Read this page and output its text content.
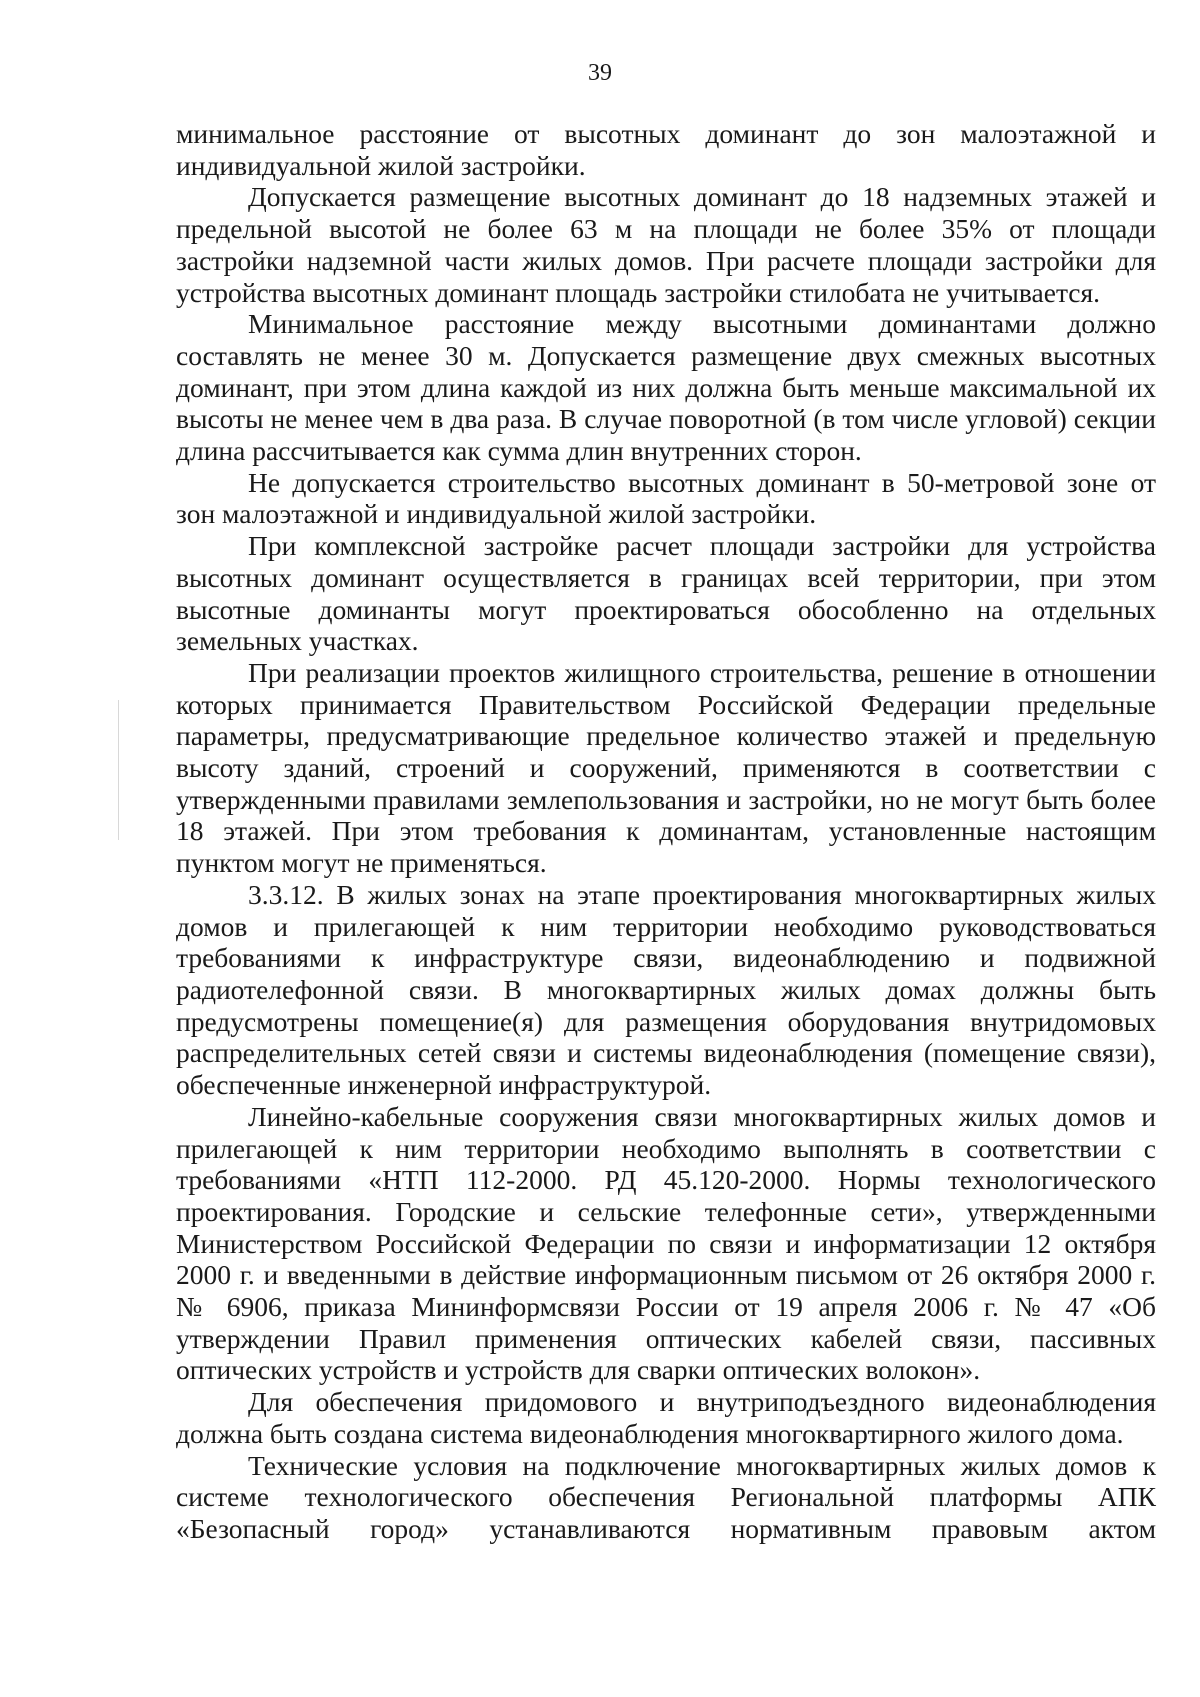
39

минимальное расстояние от высотных доминант до зон малоэтажной и индивидуальной жилой застройки.

Допускается размещение высотных доминант до 18 надземных этажей и предельной высотой не более 63 м на площади не более 35% от площади застройки надземной части жилых домов. При расчете площади застройки для устройства высотных доминант площадь застройки стилобата не учитывается.

Минимальное расстояние между высотными доминантами должно составлять не менее 30 м. Допускается размещение двух смежных высотных доминант, при этом длина каждой из них должна быть меньше максимальной их высоты не менее чем в два раза. В случае поворотной (в том числе угловой) секции длина рассчитывается как сумма длин внутренних сторон.

Не допускается строительство высотных доминант в 50-метровой зоне от зон малоэтажной и индивидуальной жилой застройки.

При комплексной застройке расчет площади застройки для устройства высотных доминант осуществляется в границах всей территории, при этом высотные доминанты могут проектироваться обособленно на отдельных земельных участках.

При реализации проектов жилищного строительства, решение в отношении которых принимается Правительством Российской Федерации предельные параметры, предусматривающие предельное количество этажей и предельную высоту зданий, строений и сооружений, применяются в соответствии с утвержденными правилами землепользования и застройки, но не могут быть более 18 этажей. При этом требования к доминантам, установленные настоящим пунктом могут не применяться.

3.3.12. В жилых зонах на этапе проектирования многоквартирных жилых домов и прилегающей к ним территории необходимо руководствоваться требованиями к инфраструктуре связи, видеонаблюдению и подвижной радиотелефонной связи. В многоквартирных жилых домах должны быть предусмотрены помещение(я) для размещения оборудования внутридомовых распределительных сетей связи и системы видеонаблюдения (помещение связи), обеспеченные инженерной инфраструктурой.

Линейно-кабельные сооружения связи многоквартирных жилых домов и прилегающей к ним территории необходимо выполнять в соответствии с требованиями «НТП 112-2000. РД 45.120-2000. Нормы технологического проектирования. Городские и сельские телефонные сети», утвержденными Министерством Российской Федерации по связи и информатизации 12 октября 2000 г. и введенными в действие информационным письмом от 26 октября 2000 г. № 6906, приказа Мининформсвязи России от 19 апреля 2006 г. № 47 «Об утверждении Правил применения оптических кабелей связи, пассивных оптических устройств и устройств для сварки оптических волокон».

Для обеспечения придомового и внутриподъездного видеонаблюдения должна быть создана система видеонаблюдения многоквартирного жилого дома.

Технические условия на подключение многоквартирных жилых домов к системе технологического обеспечения Региональной платформы АПК «Безопасный город» устанавливаются нормативным правовым актом
